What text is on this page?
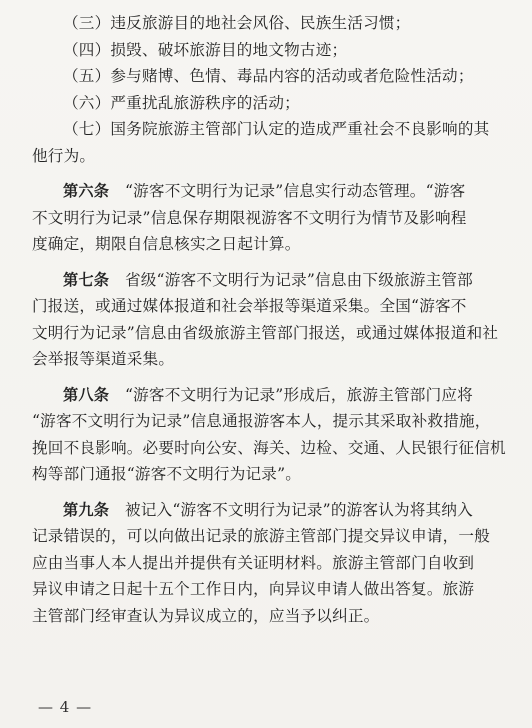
（三）违反旅游目的地社会风俗、民族生活习惯；
（四）损毁、破坏旅游目的地文物古迹；
（五）参与赌博、色情、毒品内容的活动或者危险性活动；
（六）严重扰乱旅游秩序的活动；
（七）国务院旅游主管部门认定的造成严重社会不良影响的其
他行为。
第六条　“游客不文明行为记录”信息实行动态管理。“游客
不文明行为记录”信息保存期限视游客不文明行为情节及影响程
度确定，期限自信息核实之日起计算。
第七条　省级“游客不文明行为记录”信息由下级旅游主管部
门报送，或通过媒体报道和社会举报等渠道采集。全国“游客不
文明行为记录”信息由省级旅游主管部门报送，或通过媒体报道和社
会举报等渠道采集。
第八条　“游客不文明行为记录”形成后，旅游主管部门应将
“游客不文明行为记录”信息通报游客本人，提示其采取补救措施，
挽回不良影响。必要时向公安、海关、边检、交通、人民银行征信机
构等部门通报“游客不文明行为记录”。
第九条　被记入“游客不文明行为记录”的游客认为将其纳入
记录错误的，可以向做出记录的旅游主管部门提交异议申请，一般
应由当事人本人提出并提供有关证明材料。旅游主管部门自收到
异议申请之日起十五个工作日内，向异议申请人做出答复。旅游
主管部门经审查认为异议成立的，应当予以纠正。
— 4 —
